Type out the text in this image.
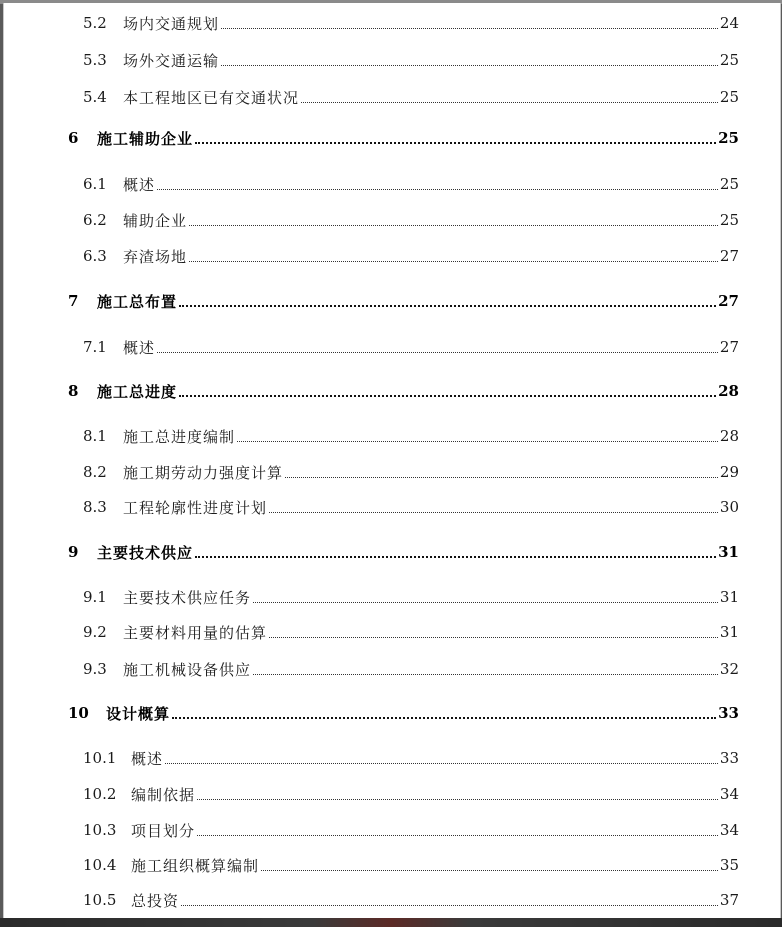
5.2	场内交通规划	24
5.3	场外交通运输	25
5.4	本工程地区已有交通状况	25
6	施工辅助企业	25
6.1	概述	25
6.2	辅助企业	25
6.3	弃渣场地	27
7	施工总布置	27
7.1	概述	27
8	施工总进度	28
8.1	施工总进度编制	28
8.2	施工期劳动力强度计算	29
8.3	工程轮廓性进度计划	30
9	主要技术供应	31
9.1	主要技术供应任务	31
9.2	主要材料用量的估算	31
9.3	施工机械设备供应	32
10	设计概算	33
10.1 概述	33
10.2 编制依据	34
10.3 项目划分	34
10.4 施工组织概算编制	35
10.5 总投资	37
